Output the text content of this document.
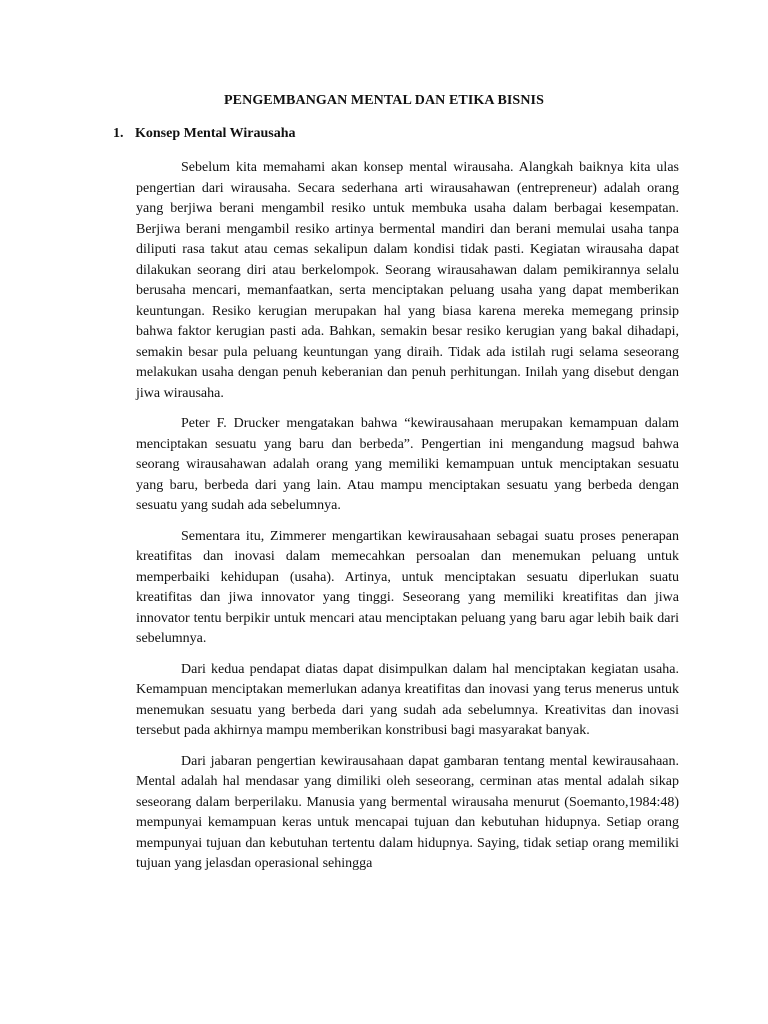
PENGEMBANGAN MENTAL DAN ETIKA BISNIS
1. Konsep Mental Wirausaha

Sebelum kita memahami akan konsep mental wirausaha. Alangkah baiknya kita ulas pengertian dari wirausaha. Secara sederhana arti wirausahawan (entrepreneur) adalah orang yang berjiwa berani mengambil resiko untuk membuka usaha dalam berbagai kesempatan. Berjiwa berani mengambil resiko artinya bermental mandiri dan berani memulai usaha tanpa diliputi rasa takut atau cemas sekalipun dalam kondisi tidak pasti. Kegiatan wirausaha dapat dilakukan seorang diri atau berkelompok. Seorang wirausahawan dalam pemikirannya selalu berusaha mencari, memanfaatkan, serta menciptakan peluang usaha yang dapat memberikan keuntungan. Resiko kerugian merupakan hal yang biasa karena mereka memegang prinsip bahwa faktor kerugian pasti ada. Bahkan, semakin besar resiko kerugian yang bakal dihadapi, semakin besar pula peluang keuntungan yang diraih. Tidak ada istilah rugi selama seseorang melakukan usaha dengan penuh keberanian dan penuh perhitungan. Inilah yang disebut dengan jiwa wirausaha.

Peter F. Drucker mengatakan bahwa “kewirausahaan merupakan kemampuan dalam menciptakan sesuatu yang baru dan berbeda”. Pengertian ini mengandung magsud bahwa seorang wirausahawan adalah orang yang memiliki kemampuan untuk menciptakan sesuatu yang baru, berbeda dari yang lain. Atau mampu menciptakan sesuatu yang berbeda dengan sesuatu yang sudah ada sebelumnya.

Sementara itu, Zimmerer mengartikan kewirausahaan sebagai suatu proses penerapan kreatifitas dan inovasi dalam memecahkan persoalan dan menemukan peluang untuk memperbaiki kehidupan (usaha). Artinya, untuk menciptakan sesuatu diperlukan suatu kreatifitas dan jiwa innovator yang tinggi. Seseorang yang memiliki kreatifitas dan jiwa innovator tentu berpikir untuk mencari atau menciptakan peluang yang baru agar lebih baik dari sebelumnya.

Dari kedua pendapat diatas dapat disimpulkan dalam hal menciptakan kegiatan usaha. Kemampuan menciptakan memerlukan adanya kreatifitas dan inovasi yang terus menerus untuk menemukan sesuatu yang berbeda dari yang sudah ada sebelumnya. Kreativitas dan inovasi tersebut pada akhirnya mampu memberikan konstribusi bagi masyarakat banyak.

Dari jabaran pengertian kewirausahaan dapat gambaran tentang mental kewirausahaan. Mental adalah hal mendasar yang dimiliki oleh seseorang, cerminan atas mental adalah sikap seseorang dalam berperilaku. Manusia yang bermental wirausaha menurut (Soemanto,1984:48) mempunyai kemampuan keras untuk mencapai tujuan dan kebutuhan hidupnya. Setiap orang mempunyai tujuan dan kebutuhan tertentu dalam hidupnya. Saying, tidak setiap orang memiliki tujuan yang jelasdan operasional sehingga
